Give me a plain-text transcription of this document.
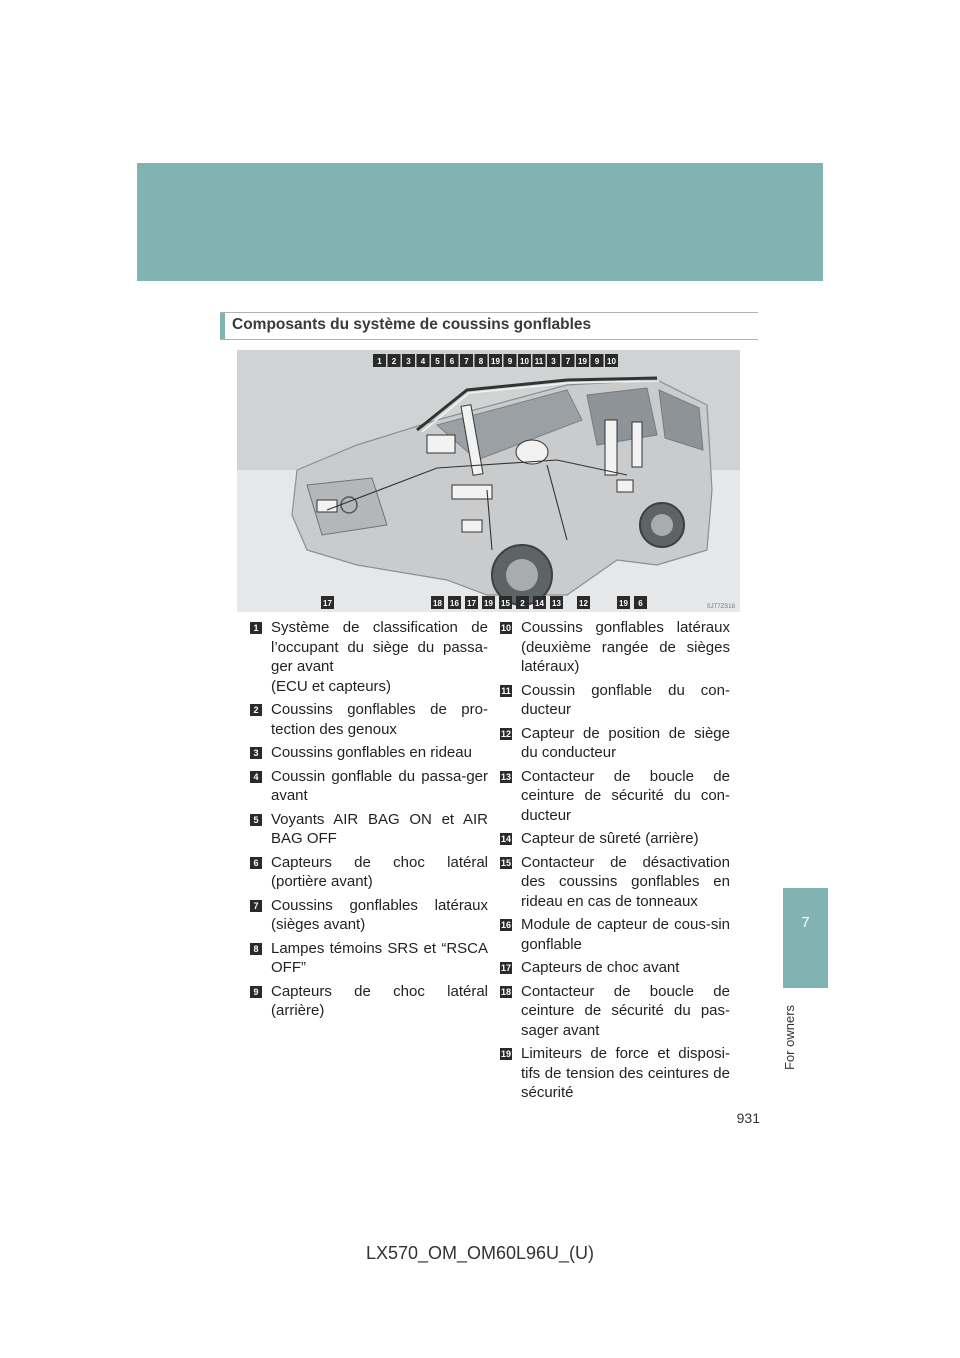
7
For owners
Composants du système de coussins gonflables
1 2 3 4 5 6 7 8 19 9 10 11 3 7 19 9 10
17	18 16 17 19 15 2 14 13 12	19 6	SJT7ZS18
1 Système de classification de l’occupant du siège du passa-ger avant
(ECU et capteurs)
2 Coussins gonflables de pro-tection des genoux
3 Coussins gonflables en rideau
4 Coussin gonflable du passa-ger avant
5 Voyants AIR BAG ON et AIR BAG OFF
6 Capteurs de choc latéral (portière avant)
7 Coussins gonflables latéraux (sièges avant)
8 Lampes témoins SRS et “RSCA OFF”
9 Capteurs de choc latéral (arrière)
10 Coussins gonflables latéraux (deuxième rangée de sièges latéraux)
11 Coussin gonflable du con-ducteur
12 Capteur de position de siège du conducteur
13 Contacteur de boucle de ceinture de sécurité du con-ducteur
14 Capteur de sûreté (arrière)
15 Contacteur de désactivation des coussins gonflables en rideau en cas de tonneaux
16 Module de capteur de cous-sin gonflable
17 Capteurs de choc avant
18 Contacteur de boucle de ceinture de sécurité du pas-sager avant
19 Limiteurs de force et disposi-tifs de tension des ceintures de sécurité
931
LX570_OM_OM60L96U_(U)
